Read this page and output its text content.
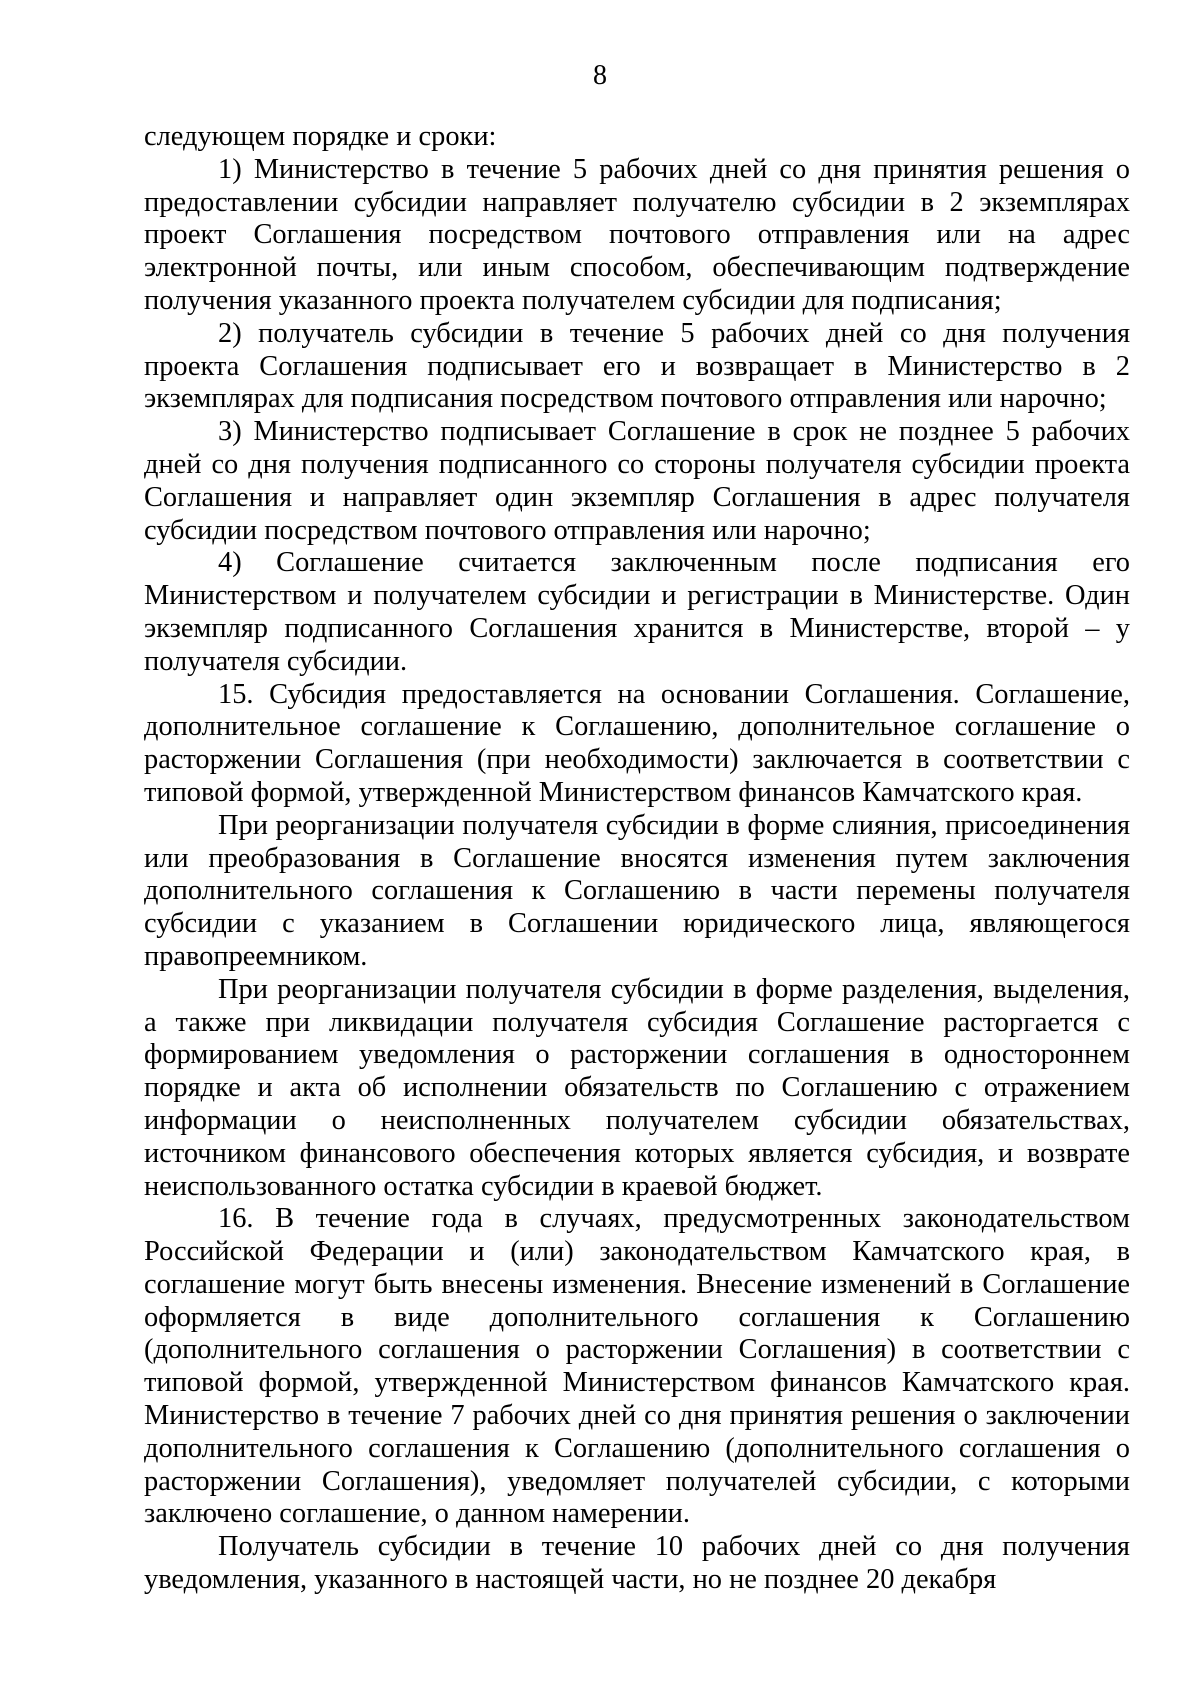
8

следующем порядке и сроки:

1) Министерство в течение 5 рабочих дней со дня принятия решения о предоставлении субсидии направляет получателю субсидии в 2 экземплярах проект Соглашения посредством почтового отправления или на адрес электронной почты, или иным способом, обеспечивающим подтверждение получения указанного проекта получателем субсидии для подписания;

2) получатель субсидии в течение 5 рабочих дней со дня получения проекта Соглашения подписывает его и возвращает в Министерство в 2 экземплярах для подписания посредством почтового отправления или нарочно;

3) Министерство подписывает Соглашение в срок не позднее 5 рабочих дней со дня получения подписанного со стороны получателя субсидии проекта Соглашения и направляет один экземпляр Соглашения в адрес получателя субсидии посредством почтового отправления или нарочно;

4) Соглашение считается заключенным после подписания его Министерством и получателем субсидии и регистрации в Министерстве. Один экземпляр подписанного Соглашения хранится в Министерстве, второй – у получателя субсидии.

15. Субсидия предоставляется на основании Соглашения. Соглашение, дополнительное соглашение к Соглашению, дополнительное соглашение о расторжении Соглашения (при необходимости) заключается в соответствии с типовой формой, утвержденной Министерством финансов Камчатского края.

При реорганизации получателя субсидии в форме слияния, присоединения или преобразования в Соглашение вносятся изменения путем заключения дополнительного соглашения к Соглашению в части перемены получателя субсидии с указанием в Соглашении юридического лица, являющегося правопреемником.

При реорганизации получателя субсидии в форме разделения, выделения, а также при ликвидации получателя субсидия Соглашение расторгается с формированием уведомления о расторжении соглашения в одностороннем порядке и акта об исполнении обязательств по Соглашению с отражением информации о неисполненных получателем субсидии обязательствах, источником финансового обеспечения которых является субсидия, и возврате неиспользованного остатка субсидии в краевой бюджет.

16. В течение года в случаях, предусмотренных законодательством Российской Федерации и (или) законодательством Камчатского края, в соглашение могут быть внесены изменения. Внесение изменений в Соглашение оформляется в виде дополнительного соглашения к Соглашению (дополнительного соглашения о расторжении Соглашения) в соответствии с типовой формой, утвержденной Министерством финансов Камчатского края. Министерство в течение 7 рабочих дней со дня принятия решения о заключении дополнительного соглашения к Соглашению (дополнительного соглашения о расторжении Соглашения), уведомляет получателей субсидии, с которыми заключено соглашение, о данном намерении.

Получатель субсидии в течение 10 рабочих дней со дня получения уведомления, указанного в настоящей части, но не позднее 20 декабря
